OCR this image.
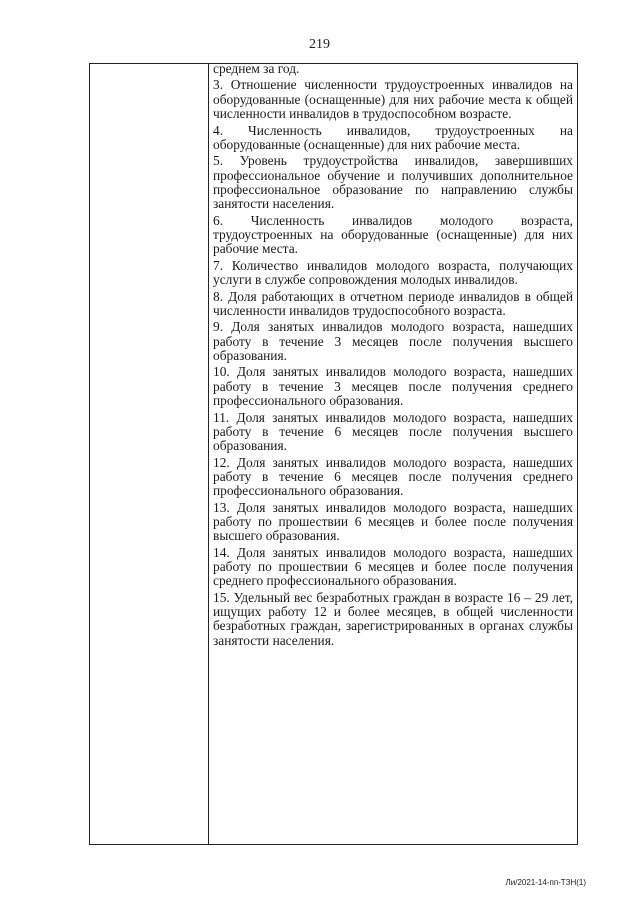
219

среднем за год.

3. Отношение численности трудоустроенных инвалидов на оборудованные (оснащенные) для них рабочие места к общей численности инвалидов в трудоспособном возрасте.

4. Численность инвалидов, трудоустроенных на оборудованные (оснащенные) для них рабочие места.

5. Уровень трудоустройства инвалидов, завершивших профессиональное обучение и получивших дополнительное профессиональное образование по направлению службы занятости населения.

6. Численность инвалидов молодого возраста, трудоустроенных на оборудованные (оснащенные) для них рабочие места.

7. Количество инвалидов молодого возраста, получающих услуги в службе сопровождения молодых инвалидов.

8. Доля работающих в отчетном периоде инвалидов в общей численности инвалидов трудоспособного возраста.

9. Доля занятых инвалидов молодого возраста, нашедших работу в течение 3 месяцев после получения высшего образования.

10. Доля занятых инвалидов молодого возраста, нашедших работу в течение 3 месяцев после получения среднего профессионального образования.

11. Доля занятых инвалидов молодого возраста, нашедших работу в течение 6 месяцев после получения высшего образования.

12. Доля занятых инвалидов молодого возраста, нашедших работу в течение 6 месяцев после получения среднего профессионального образования.

13. Доля занятых инвалидов молодого возраста, нашедших работу по прошествии 6 месяцев и более после получения высшего образования.

14. Доля занятых инвалидов молодого возраста, нашедших работу по прошествии 6 месяцев и более после получения среднего профессионального образования.

15. Удельный вес безработных граждан в возрасте 16 – 29 лет, ищущих работу 12 и более месяцев, в общей численности безработных граждан, зарегистрированных в органах службы занятости населения.

Ли/2021-14-пп-ТЗН(1)
